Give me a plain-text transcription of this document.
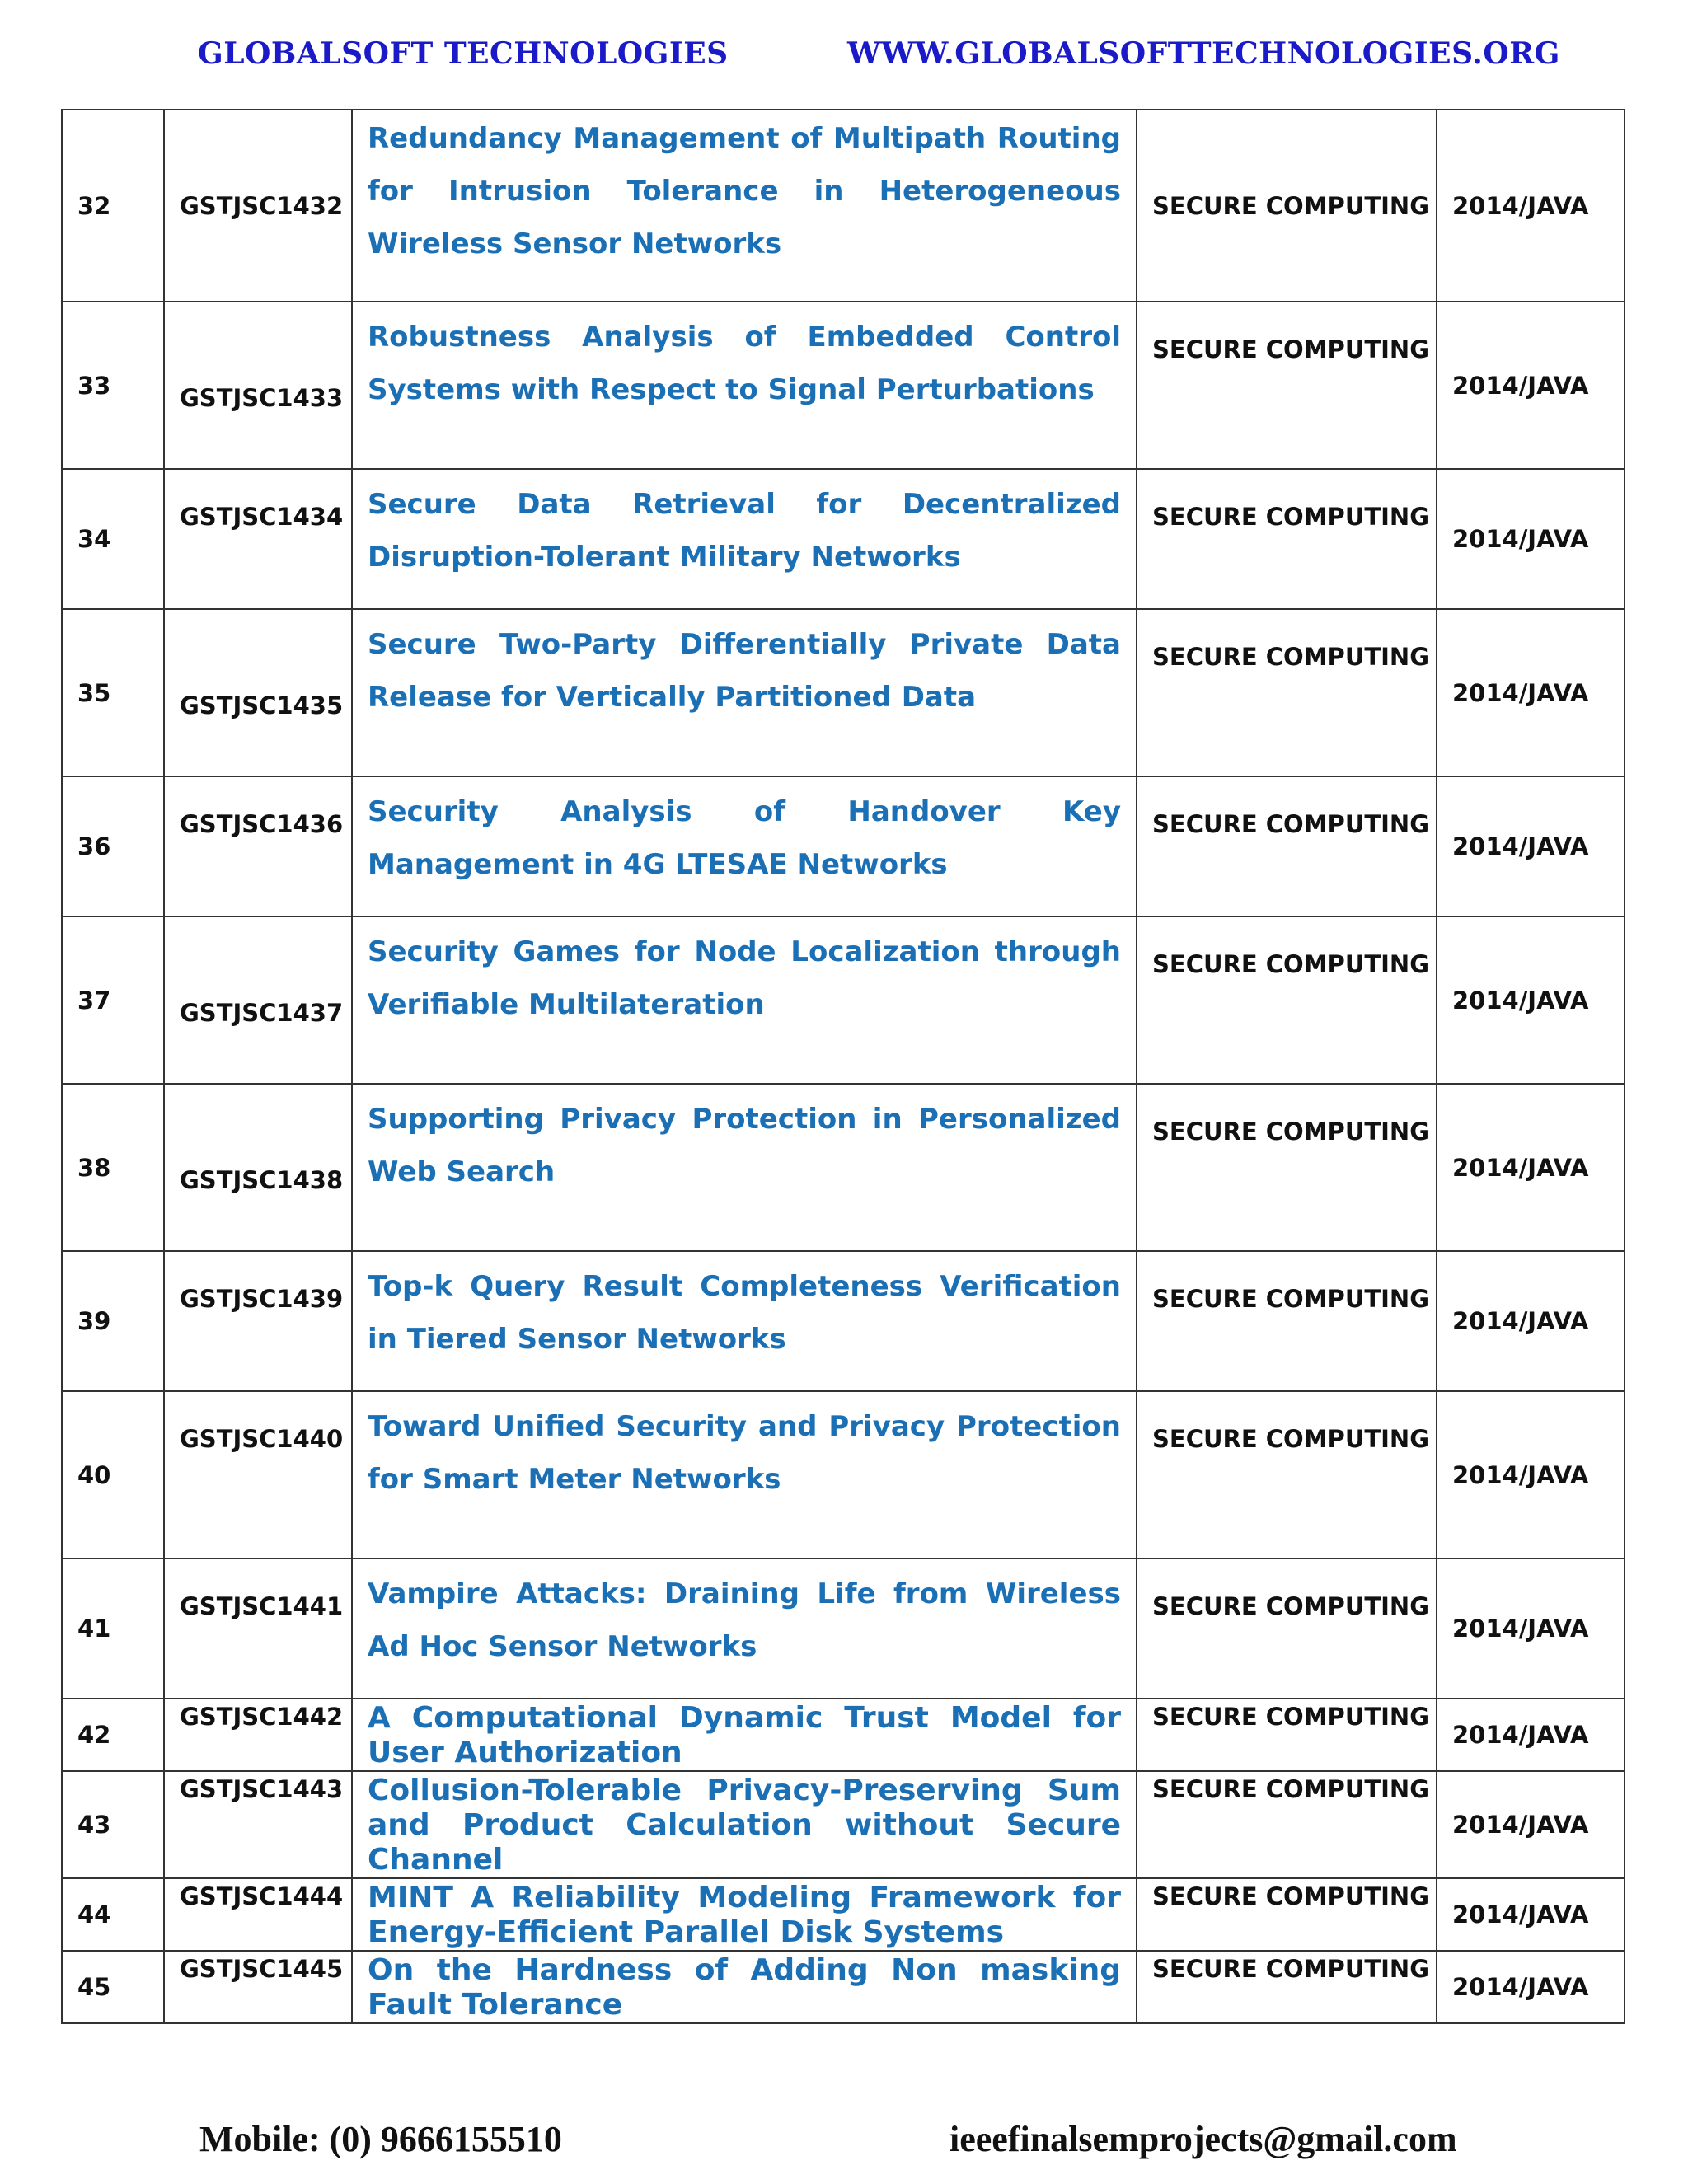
GLOBALSOFT TECHNOLOGIES	WWW.GLOBALSOFTTECHNOLOGIES.ORG
32	GSTJSC1432	Redundancy Management of Multipath Routing for Intrusion Tolerance in Heterogeneous Wireless Sensor Networks	SECURE COMPUTING	2014/JAVA
33	GSTJSC1433	Robustness Analysis of Embedded Control Systems with Respect to Signal Perturbations	SECURE COMPUTING	2014/JAVA
34	GSTJSC1434	Secure Data Retrieval for Decentralized Disruption-Tolerant Military Networks	SECURE COMPUTING	2014/JAVA
35	GSTJSC1435	Secure Two-Party Differentially Private Data Release for Vertically Partitioned Data	SECURE COMPUTING	2014/JAVA
36	GSTJSC1436	Security Analysis of Handover Key Management in 4G LTESAE Networks	SECURE COMPUTING	2014/JAVA
37	GSTJSC1437	Security Games for Node Localization through Verifiable Multilateration	SECURE COMPUTING	2014/JAVA
38	GSTJSC1438	Supporting Privacy Protection in Personalized Web Search	SECURE COMPUTING	2014/JAVA
39	GSTJSC1439	Top-k Query Result Completeness Verification in Tiered Sensor Networks	SECURE COMPUTING	2014/JAVA
40	GSTJSC1440	Toward Unified Security and Privacy Protection for Smart Meter Networks	SECURE COMPUTING	2014/JAVA
41	GSTJSC1441	Vampire Attacks: Draining Life from Wireless Ad Hoc Sensor Networks	SECURE COMPUTING	2014/JAVA
42	GSTJSC1442	A Computational Dynamic Trust Model for User Authorization	SECURE COMPUTING	2014/JAVA
43	GSTJSC1443	Collusion-Tolerable Privacy-Preserving Sum and Product Calculation without Secure Channel	SECURE COMPUTING	2014/JAVA
44	GSTJSC1444	MINT A Reliability Modeling Framework for Energy-Efficient Parallel Disk Systems	SECURE COMPUTING	2014/JAVA
45	GSTJSC1445	On the Hardness of Adding Non masking Fault Tolerance	SECURE COMPUTING	2014/JAVA
Mobile: (0) 9666155510	ieeefinalsemprojects@gmail.com
